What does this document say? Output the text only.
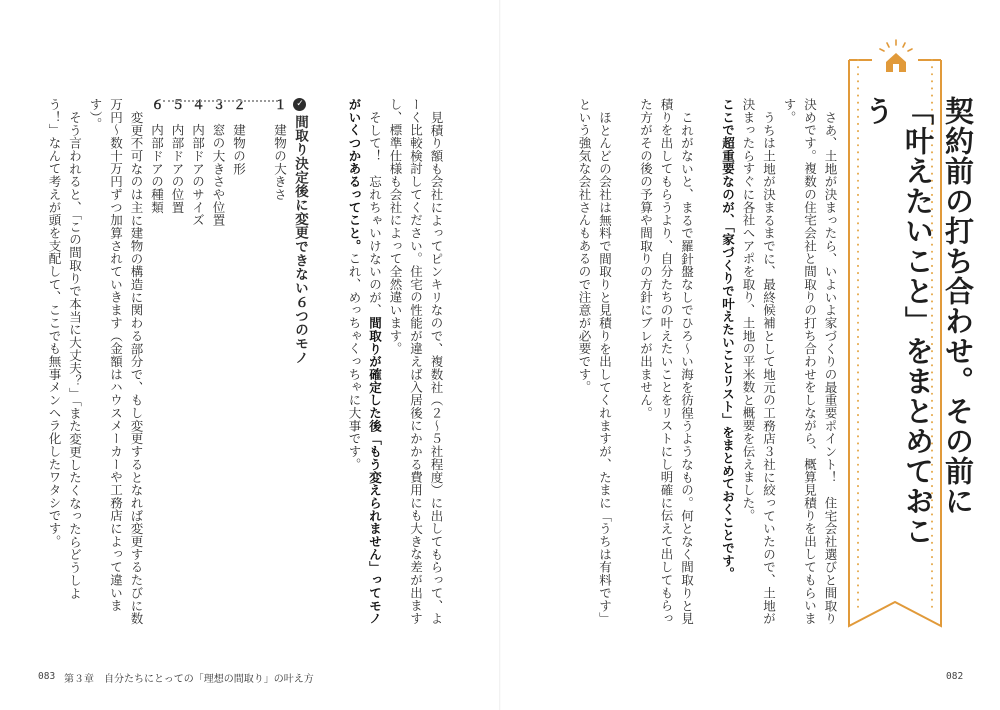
契約前の打ち合わせ。その前に
「叶えたいこと」をまとめておこう

さあ、土地が決まったら、いよいよ家づくりの最重要ポイント！　住宅会社選びと間取り決めです。複数の住宅会社と間取りの打ち合わせをしながら、概算見積りを出してもらいます。

うちは土地が決まるまでに、最終候補として地元の工務店３社に絞っていたので、土地が決まったらすぐに各社へアポを取り、土地の平米数と概要を伝えました。

ここで超重要なのが、「家づくりで叶えたいことリスト」をまとめておくことです。

これがないと、まるで羅針盤なしでひろ〜い海を彷徨うようなもの。何となく間取りと見積りを出してもらうより、自分たちの叶えたいことをリストにし明確に伝えて出してもらった方がその後の予算や間取りの方針にブレが出ません。

ほとんどの会社は無料で間取りと見積りを出してくれますが、たまに「うちは有料です」という強気な会社さんもあるので注意が必要です。

見積り額も会社によってピンキリなので、複数社（２〜５社程度）に出してもらって、よーく比較検討してください。住宅の性能が違えば入居後にかかる費用にも大きな差が出ますし、標準仕様も会社によって全然違います。

そして！　忘れちゃいけないのが、間取りが確定した後「もう変えられません」ってモノがいくつかあるってこと。これ、めっちゃくっちゃに大事です。

✓間取り決定後に変更できない６つのモノ

１　建物の大きさ

２　建物の形

３　窓の大きさや位置

４　内部ドアのサイズ

５　内部ドアの位置

６　内部ドアの種類

変更不可なのは主に建物の構造に関わる部分で、もし変更するとなれば変更するたびに数万円〜数十万円ずつ加算されていきます（金額はハウスメーカーや工務店によって違います）。

そう言われると、「この間取りで本当に大丈夫？」「また変更したくなったらどうしよう！」なんて考えが頭を支配して、ここでも無事メンヘラ化したワタシです。

083 第３章　自分たちにとっての「理想の間取り」の叶え方	082
